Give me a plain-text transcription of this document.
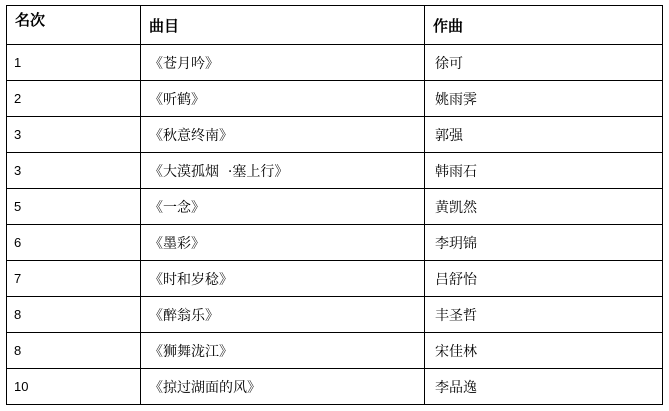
名次	曲目	作曲
1	《苍月吟》	徐可
2	《听鹤》	姚雨霁
3	《秋意终南》	郭强
3	《大漠孤烟  ·塞上行》	韩雨石
5	《一念》	黄凯然
6	《墨彩》	李玥锦
7	《时和岁稔》	吕舒怡
8	《醉翁乐》	丰圣哲
8	《狮舞泷江》	宋佳林
10	《掠过湖面的风》	李品逸
